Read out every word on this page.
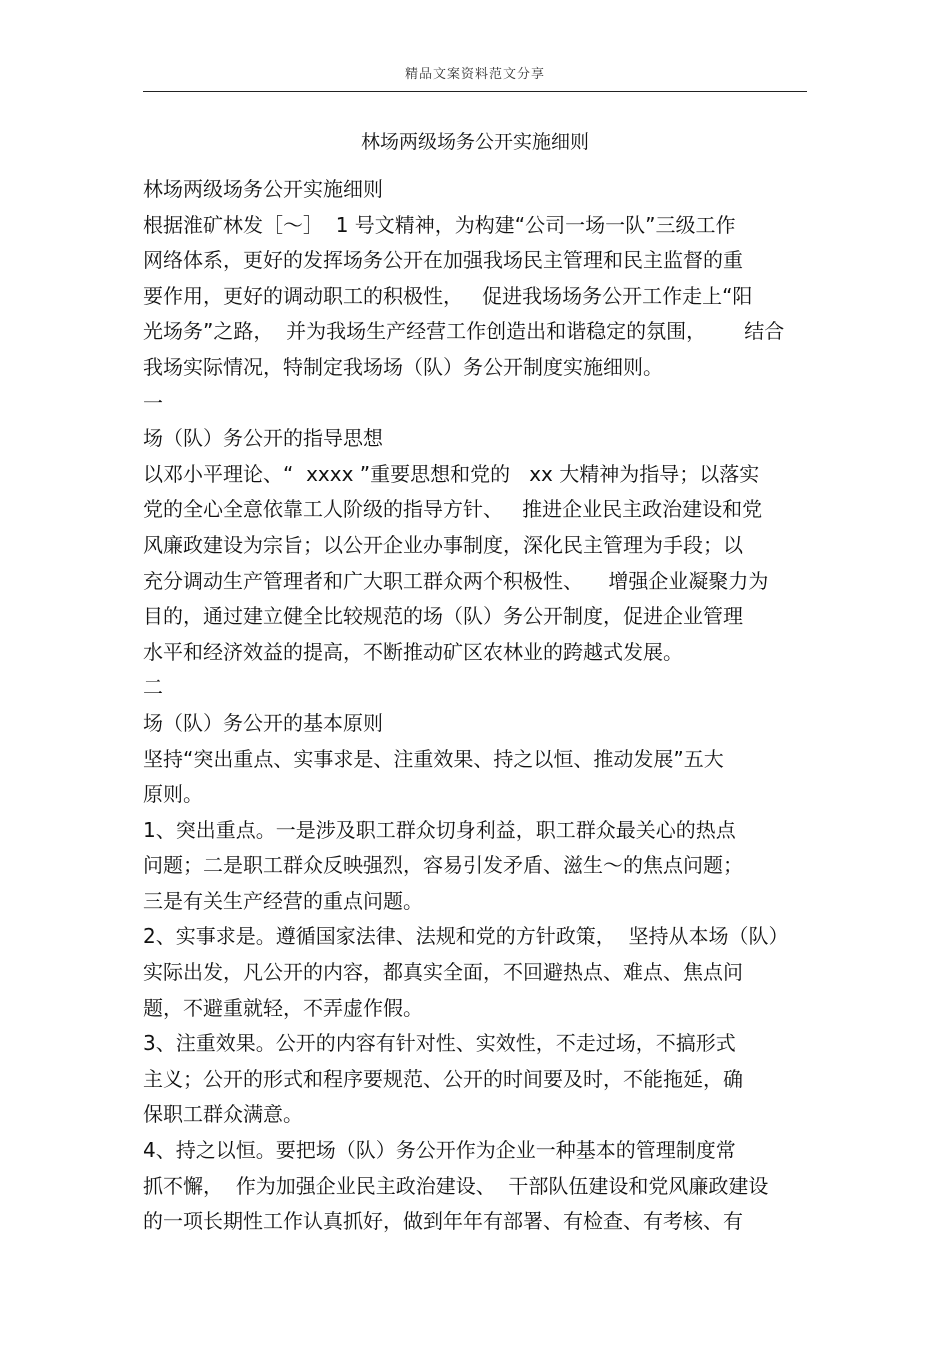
精品文案资料范文分享
林场两级场务公开实施细则
林场两级场务公开实施细则
根据淮矿林发［〜］  1 号文精神，为构建“公司一场一队”三级工作
网络体系，更好的发挥场务公开在加强我场民主管理和民主监督的重
要作用，更好的调动职工的积极性，   促进我场场务公开工作走上“阳
光场务”之路，  并为我场生产经营工作创造出和谐稳定的氛围，      结合
我场实际情况，特制定我场场（队）务公开制度实施细则。
一
场（队）务公开的指导思想
以邓小平理论、“  xxxx ”重要思想和党的   xx 大精神为指导；以落实
党的全心全意依靠工人阶级的指导方针、   推进企业民主政治建设和党
风廉政建设为宗旨；以公开企业办事制度，深化民主管理为手段；以
充分调动生产管理者和广大职工群众两个积极性、    增强企业凝聚力为
目的，通过建立健全比较规范的场（队）务公开制度，促进企业管理
水平和经济效益的提高，不断推动矿区农林业的跨越式发展。
二
场（队）务公开的基本原则
坚持“突出重点、实事求是、注重效果、持之以恒、推动发展”五大
原则。
1、突出重点。一是涉及职工群众切身利益，职工群众最关心的热点
问题；二是职工群众反映强烈，容易引发矛盾、滋生〜的焦点问题；
三是有关生产经营的重点问题。
2、实事求是。遵循国家法律、法规和党的方针政策，  坚持从本场（队）
实际出发，凡公开的内容，都真实全面，不回避热点、难点、焦点问
题，不避重就轻，不弄虚作假。
3、注重效果。公开的内容有针对性、实效性，不走过场，不搞形式
主义；公开的形式和程序要规范、公开的时间要及时，不能拖延，确
保职工群众满意。
4、持之以恒。要把场（队）务公开作为企业一种基本的管理制度常
抓不懈，  作为加强企业民主政治建设、  干部队伍建设和党风廉政建设
的一项长期性工作认真抓好，做到年年有部署、有检查、有考核、有
